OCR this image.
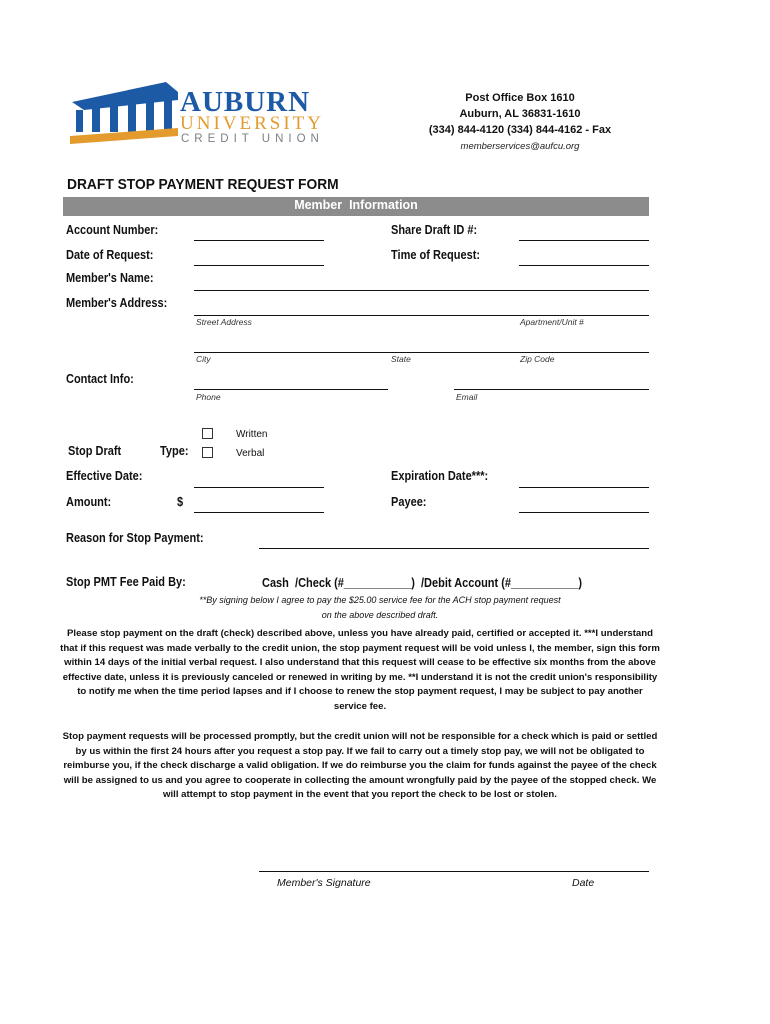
AUBURN
UNIVERSITY
CREDIT UNION
Post Office Box 1610
Auburn, AL 36831-1610
(334) 844-4120 (334) 844-4162 - Fax
memberservices@aufcu.org
DRAFT STOP PAYMENT REQUEST FORM
Member  Information
Account Number:	Share Draft ID #:
Date of Request:	Time of Request:
Member's Name:
Member's Address:
Street Address	Apartment/Unit #
City	State	Zip Code
Contact Info:
Phone	Email
Written
Stop Draft	Type:	Verbal
Effective Date:	Expiration Date***:
Amount:	$	Payee:
Reason for Stop Payment:
Stop PMT Fee Paid By:	Cash  /Check (#___________)  /Debit Account (#___________)
**By signing below I agree to pay the $25.00 service fee for the ACH stop payment request
on the above described draft.
Please stop payment on the draft (check) described above, unless you have already paid, certified or accepted it. ***I understand
that if this request was made verbally to the credit union, the stop payment request will be void unless I, the member, sign this form
within 14 days of the initial verbal request. I also understand that this request will cease to be effective six months from the above
effective date, unless it is previously canceled or renewed in writing by me. **I understand it is not the credit union's responsibility
to notify me when the time period lapses and if I choose to renew the stop payment request, I may be subject to pay another
service fee.
Stop payment requests will be processed promptly, but the credit union will not be responsible for a check which is paid or settled
by us within the first 24 hours after you request a stop pay. If we fail to carry out a timely stop pay, we will not be obligated to
reimburse you, if the check discharge a valid obligation. If we do reimburse you the claim for funds against the payee of the check
will be assigned to us and you agree to cooperate in collecting the amount wrongfully paid by the payee of the stopped check. We
will attempt to stop payment in the event that you report the check to be lost or stolen.
Member's Signature	Date
